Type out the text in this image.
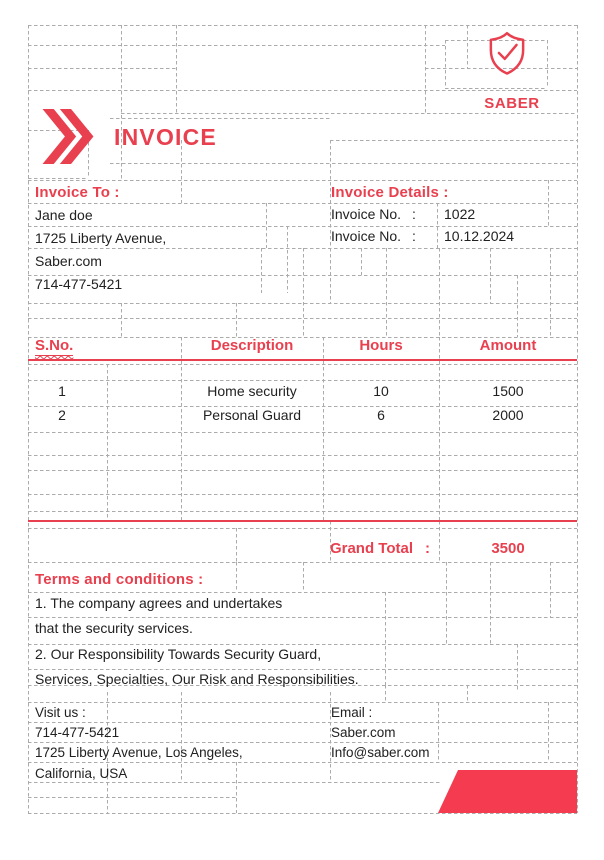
SABER
INVOICE
Invoice To :
Jane doe
1725 Liberty Avenue,
Saber.com
714-477-5421
Invoice Details :
Invoice No. :	1022
Invoice No. :	10.12.2024
S.No.	Description	Hours	Amount
1	Home security	10	1500
2	Personal Guard	6	2000
Grand Total :	3500
Terms and conditions :
1. The company agrees and undertakes
that the security services.
2. Our Responsibility Towards Security Guard,
Services, Specialties, Our Risk and Responsibilities.
Visit us :
714-477-5421
1725 Liberty Avenue, Los Angeles,
California, USA
Email :
Saber.com
Info@saber.com
